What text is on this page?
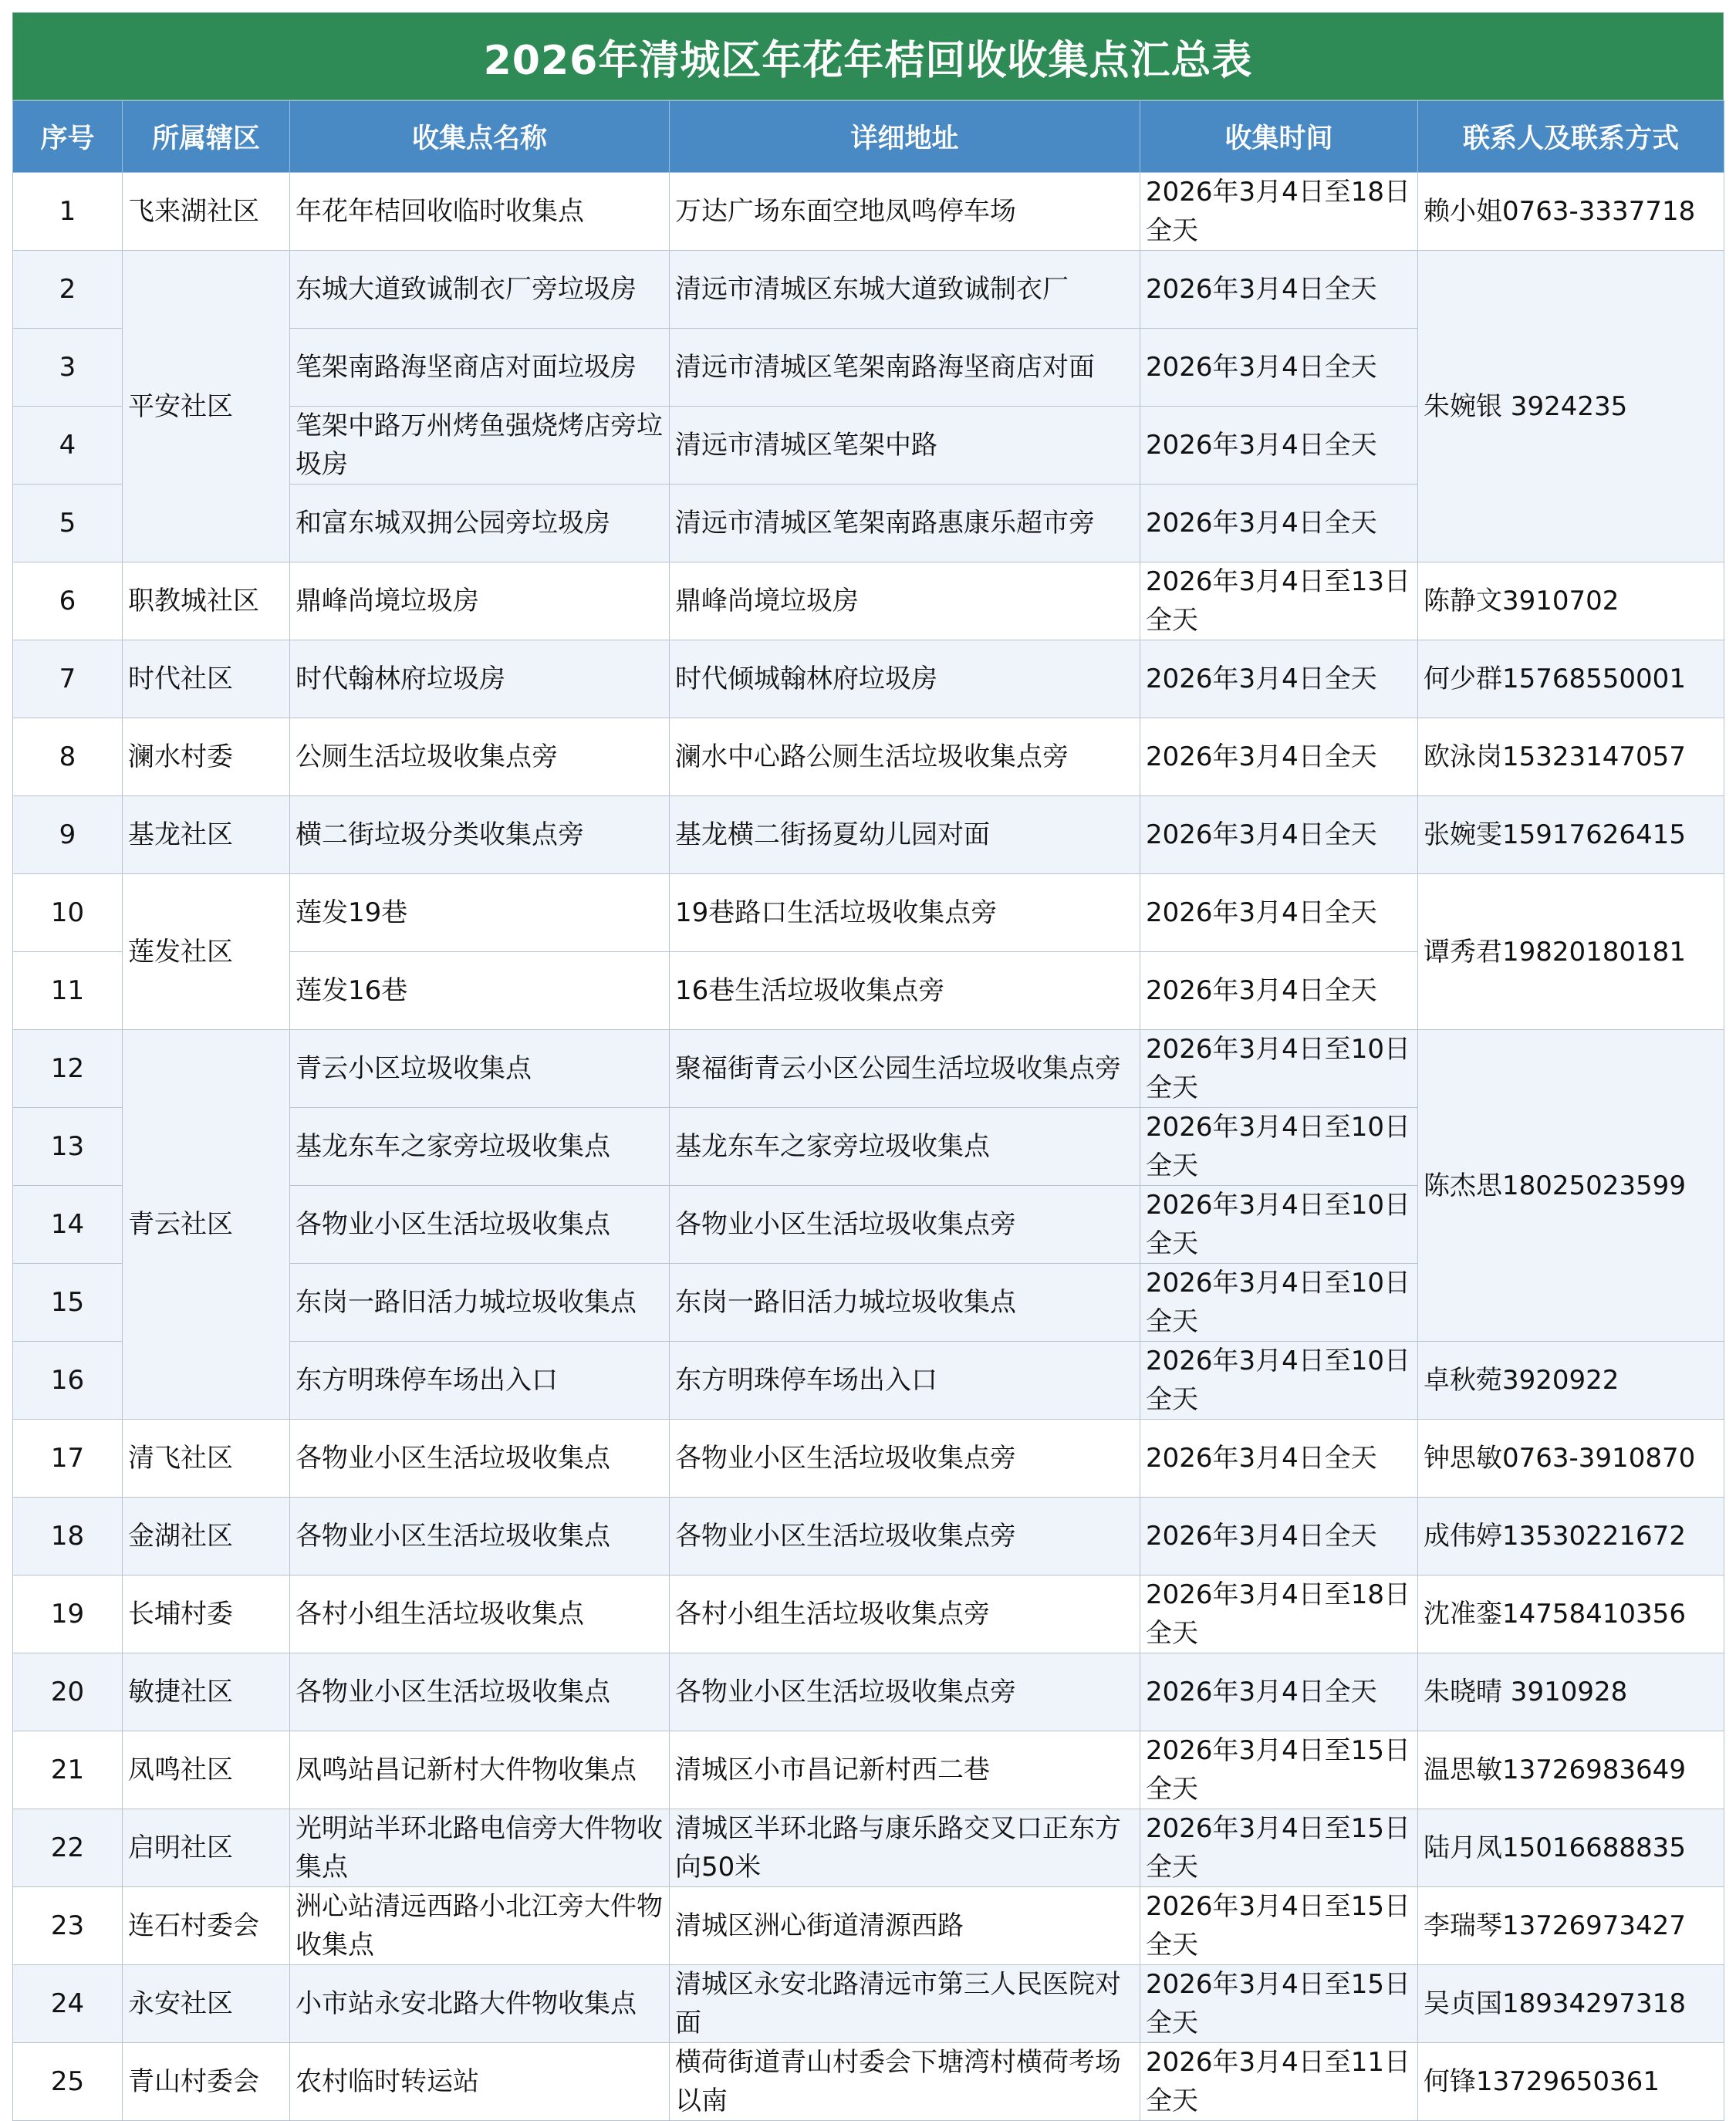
2026年清城区年花年桔回收收集点汇总表
序号	所属辖区	收集点名称	详细地址	收集时间	联系人及联系方式
1	飞来湖社区	年花年桔回收临时收集点	万达广场东面空地凤鸣停车场	2026年3月4日至18日全天	赖小姐0763-3337718
2	平安社区	东城大道致诚制衣厂旁垃圾房	清远市清城区东城大道致诚制衣厂	2026年3月4日全天	朱婉银 3924235
3		笔架南路海坚商店对面垃圾房	清远市清城区笔架南路海坚商店对面	2026年3月4日全天	
4		笔架中路万州烤鱼强烧烤店旁垃圾房	清远市清城区笔架中路	2026年3月4日全天	
5		和富东城双拥公园旁垃圾房	清远市清城区笔架南路惠康乐超市旁	2026年3月4日全天	
6	职教城社区	鼎峰尚境垃圾房	鼎峰尚境垃圾房	2026年3月4日至13日全天	陈静文3910702
7	时代社区	时代翰林府垃圾房	时代倾城翰林府垃圾房	2026年3月4日全天	何少群15768550001
8	澜水村委	公厕生活垃圾收集点旁	澜水中心路公厕生活垃圾收集点旁	2026年3月4日全天	欧泳岗15323147057
9	基龙社区	横二街垃圾分类收集点旁	基龙横二街扬夏幼儿园对面	2026年3月4日全天	张婉雯15917626415
10	莲发社区	莲发19巷	19巷路口生活垃圾收集点旁	2026年3月4日全天	谭秀君19820180181
11		莲发16巷	16巷生活垃圾收集点旁	2026年3月4日全天	
12	青云社区	青云小区垃圾收集点	聚福街青云小区公园生活垃圾收集点旁	2026年3月4日至10日全天	陈杰思18025023599
13		基龙东车之家旁垃圾收集点	基龙东车之家旁垃圾收集点	2026年3月4日至10日全天	
14		各物业小区生活垃圾收集点	各物业小区生活垃圾收集点旁	2026年3月4日至10日全天	
15		东岗一路旧活力城垃圾收集点	东岗一路旧活力城垃圾收集点	2026年3月4日至10日全天	
16		东方明珠停车场出入口	东方明珠停车场出入口	2026年3月4日至10日全天	卓秋菀3920922
17	清飞社区	各物业小区生活垃圾收集点	各物业小区生活垃圾收集点旁	2026年3月4日全天	钟思敏0763-3910870
18	金湖社区	各物业小区生活垃圾收集点	各物业小区生活垃圾收集点旁	2026年3月4日全天	成伟婷13530221672
19	长埔村委	各村小组生活垃圾收集点	各村小组生活垃圾收集点旁	2026年3月4日至18日全天	沈准銮14758410356
20	敏捷社区	各物业小区生活垃圾收集点	各物业小区生活垃圾收集点旁	2026年3月4日全天	朱晓晴 3910928
21	凤鸣社区	凤鸣站昌记新村大件物收集点	清城区小市昌记新村西二巷	2026年3月4日至15日全天	温思敏13726983649
22	启明社区	光明站半环北路电信旁大件物收集点	清城区半环北路与康乐路交叉口正东方向50米	2026年3月4日至15日全天	陆月凤15016688835
23	连石村委会	洲心站清远西路小北江旁大件物收集点	清城区洲心街道清源西路	2026年3月4日至15日全天	李瑞琴13726973427
24	永安社区	小市站永安北路大件物收集点	清城区永安北路清远市第三人民医院对面	2026年3月4日至15日全天	吴贞国18934297318
25	青山村委会	农村临时转运站	横荷街道青山村委会下塘湾村横荷考场以南	2026年3月4日至11日全天	何锋13729650361
